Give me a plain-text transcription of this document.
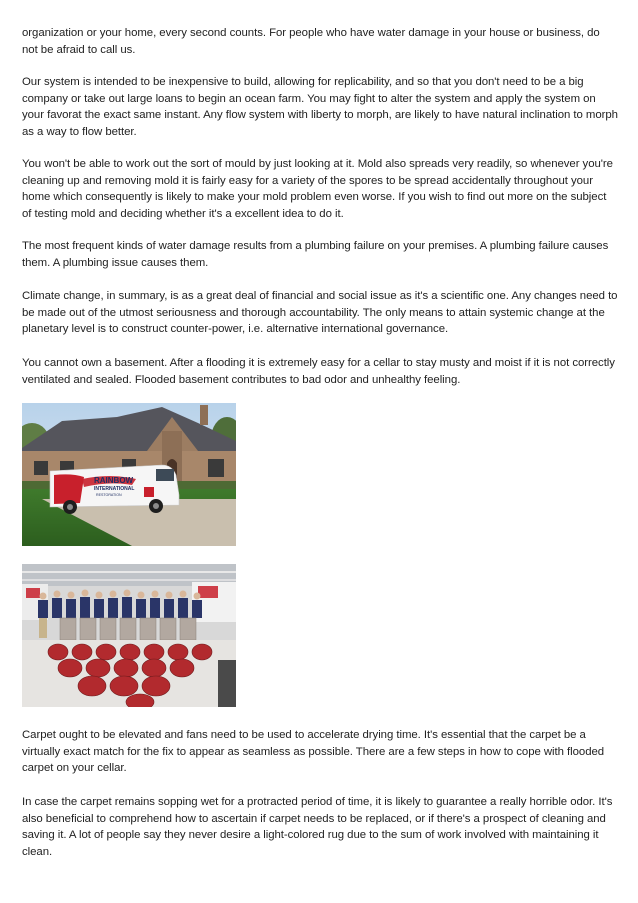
organization or your home, every second counts. For people who have water damage in your house or business, do not be afraid to call us.

Our system is intended to be inexpensive to build, allowing for replicability, and so that you don't need to be a big company or take out large loans to begin an ocean farm. You may fight to alter the system and apply the system on your favorat the exact same instant. Any flow system with liberty to morph, are likely to have natural inclination to morph as a way to flow better.

You won't be able to work out the sort of mould by just looking at it. Mold also spreads very readily, so whenever you're cleaning up and removing mold it is fairly easy for a variety of the spores to be spread accidentally throughout your home which consequently is likely to make your mold problem even worse. If you wish to find out more on the subject of testing mold and deciding whether it's a excellent idea to do it.

The most frequent kinds of water damage results from a plumbing failure on your premises. A plumbing failure causes them. A plumbing issue causes them.

Climate change, in summary, is as a great deal of financial and social issue as it's a scientific one. Any changes need to be made out of the utmost seriousness and thorough accountability. The only means to attain systemic change at the planetary level is to construct counter-power, i.e. alternative international governance.

You cannot own a basement. After a flooding it is extremely easy for a cellar to stay musty and moist if it is not correctly ventilated and sealed. Flooded basement contributes to bad odor and unhealthy feeling.

RAINBOW
INTERNATIONAL
RESTORATION

Carpet ought to be elevated and fans need to be used to accelerate drying time. It's essential that the carpet be a virtually exact match for the fix to appear as seamless as possible. There are a few steps in how to cope with flooded carpet on your cellar.

In case the carpet remains sopping wet for a protracted period of time, it is likely to guarantee a really horrible odor. It's also beneficial to comprehend how to ascertain if carpet needs to be replaced, or if there's a prospect of cleaning and saving it. A lot of people say they never desire a light-colored rug due to the sum of work involved with maintaining it clean.
